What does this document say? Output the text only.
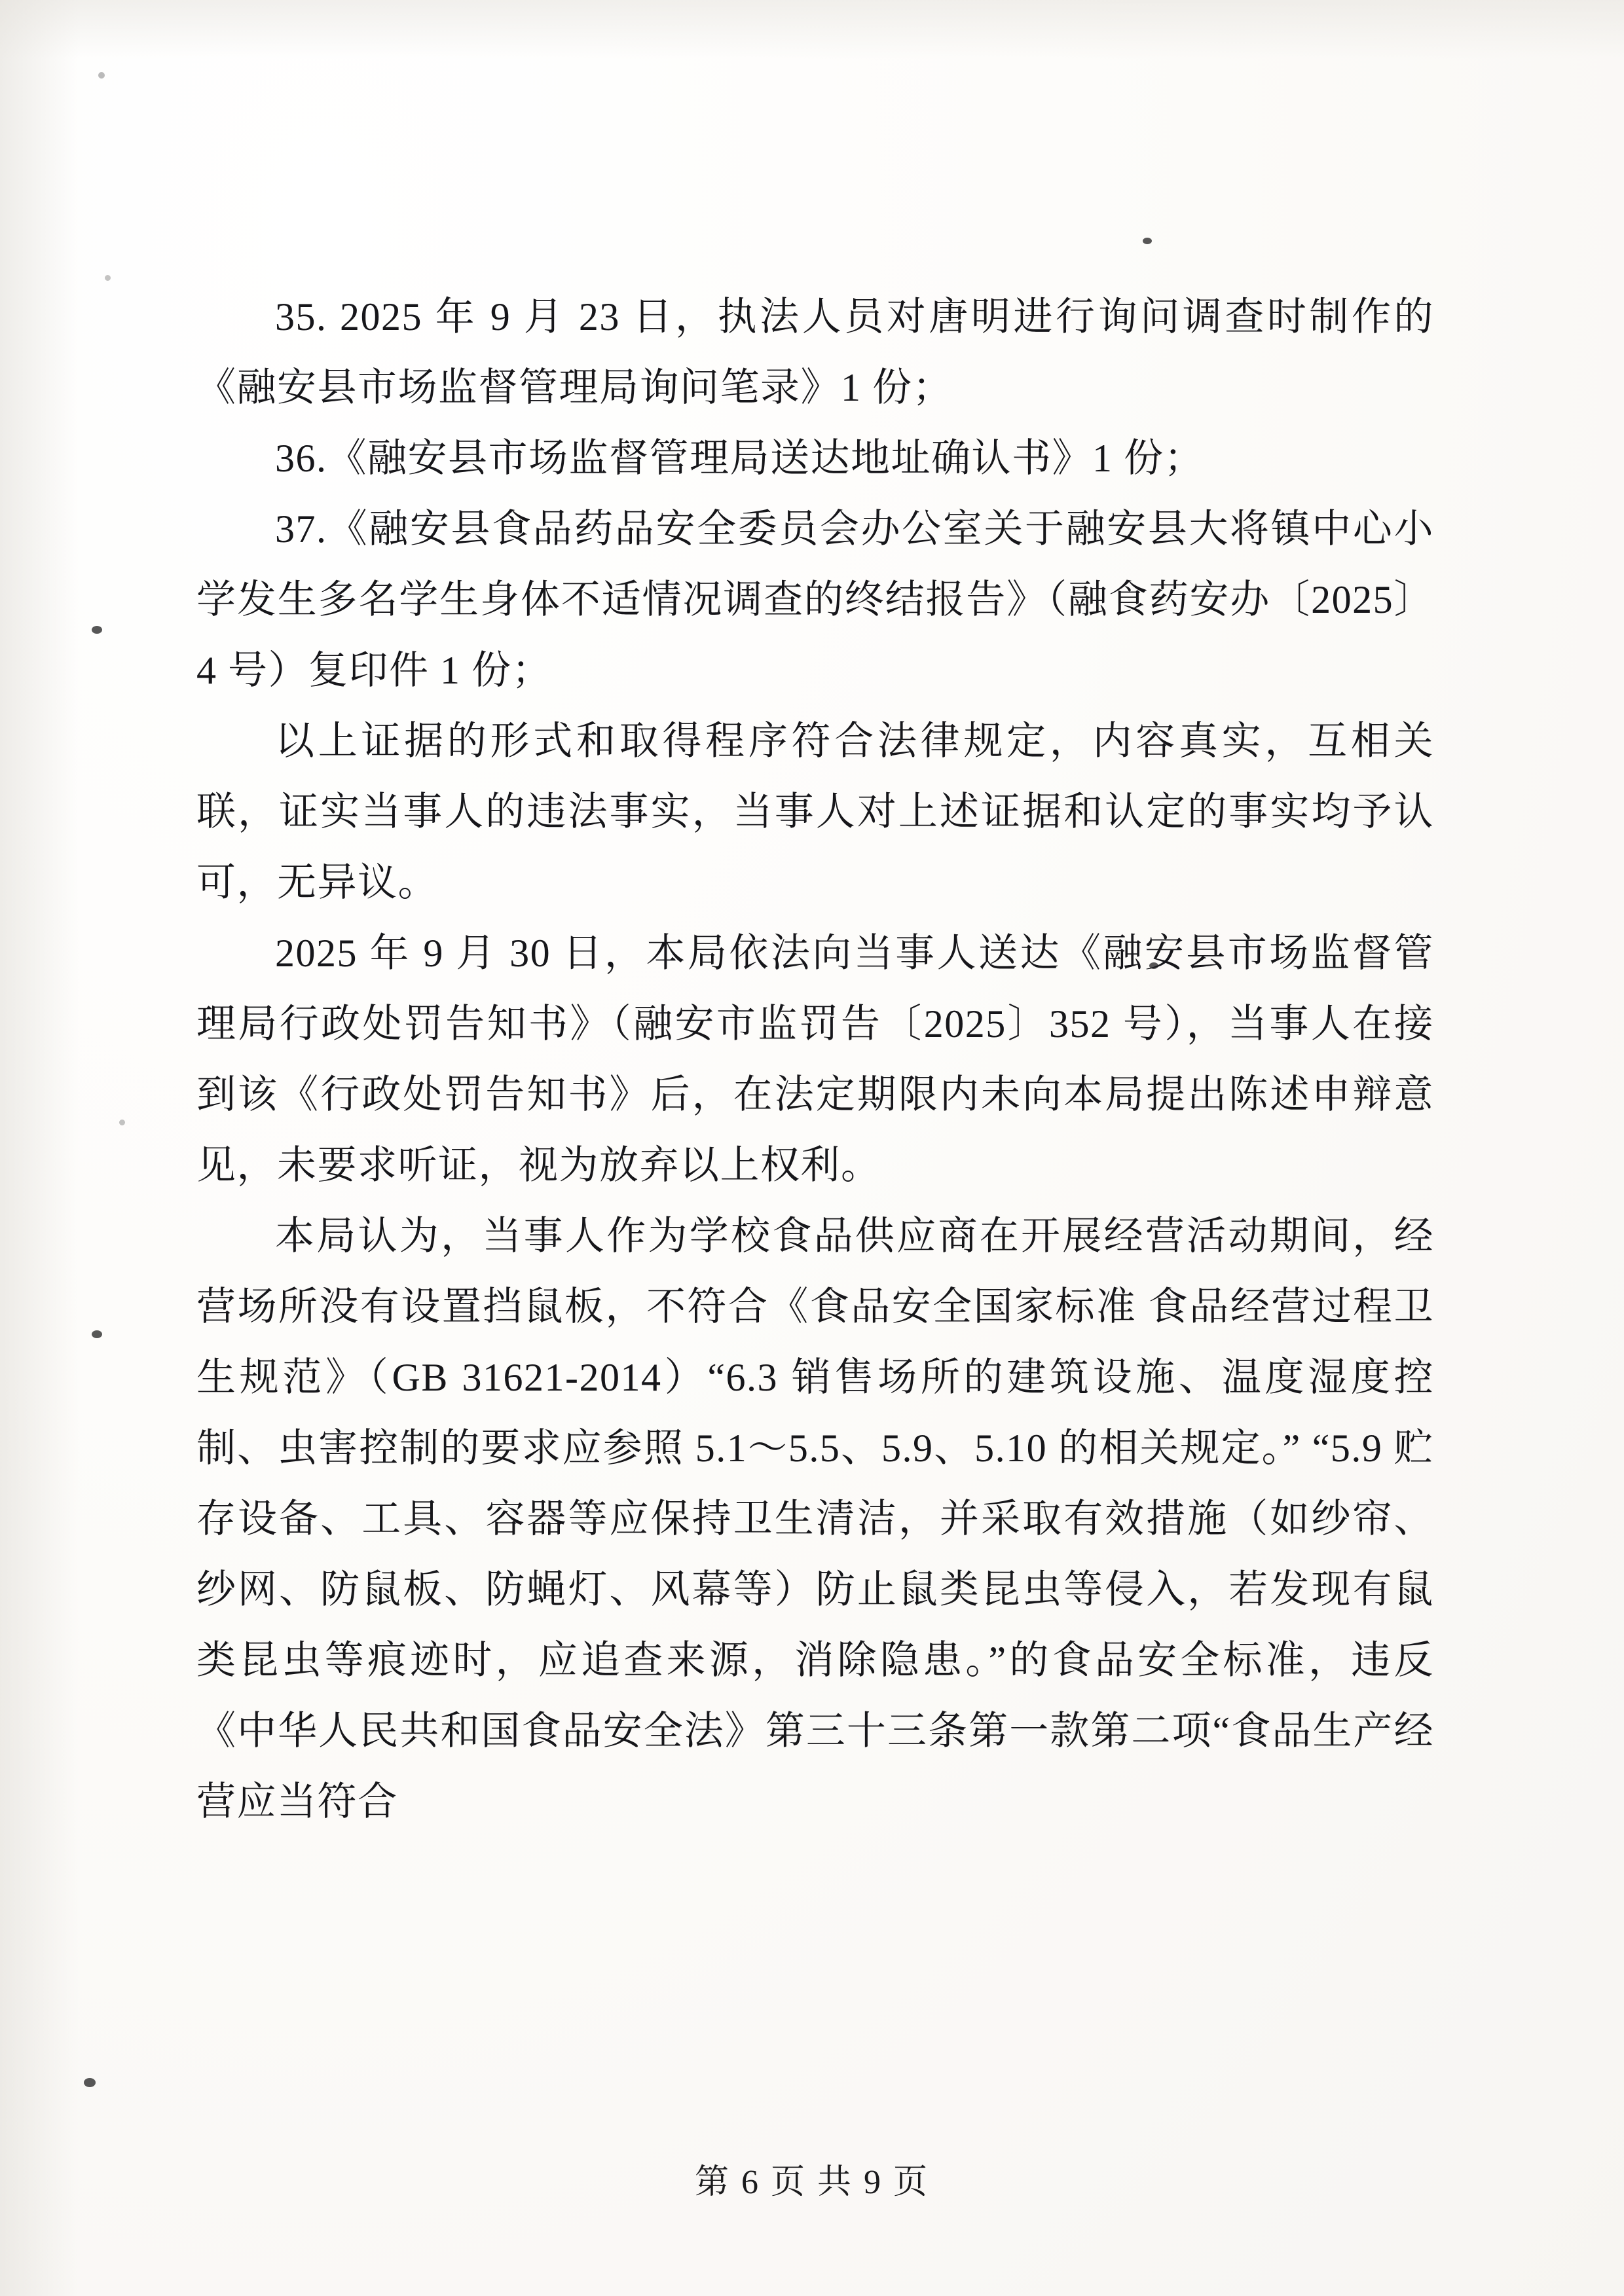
35. 2025 年 9 月 23 日，执法人员对唐明进行询问调查时制作的《融安县市场监督管理局询问笔录》1 份；

36.《融安县市场监督管理局送达地址确认书》1 份；

37.《融安县食品药品安全委员会办公室关于融安县大将镇中心小学发生多名学生身体不适情况调查的终结报告》（融食药安办〔2025〕4 号）复印件 1 份；

以上证据的形式和取得程序符合法律规定，内容真实，互相关联，证实当事人的违法事实，当事人对上述证据和认定的事实均予认可，无异议。

2025 年 9 月 30 日，本局依法向当事人送达《融安县市场监督管理局行政处罚告知书》（融安市监罚告〔2025〕352 号），当事人在接到该《行政处罚告知书》后，在法定期限内未向本局提出陈述申辩意见，未要求听证，视为放弃以上权利。

本局认为，当事人作为学校食品供应商在开展经营活动期间，经营场所没有设置挡鼠板，不符合《食品安全国家标准 食品经营过程卫生规范》（GB 31621-2014）“6.3 销售场所的建筑设施、温度湿度控制、虫害控制的要求应参照 5.1〜5.5、5.9、5.10 的相关规定。” “5.9 贮存设备、工具、容器等应保持卫生清洁，并采取有效措施（如纱帘、纱网、防鼠板、防蝇灯、风幕等）防止鼠类昆虫等侵入，若发现有鼠类昆虫等痕迹时，应追查来源，消除隐患。”的食品安全标准，违反《中华人民共和国食品安全法》第三十三条第一款第二项“食品生产经营应当符合

第 6 页 共 9 页
